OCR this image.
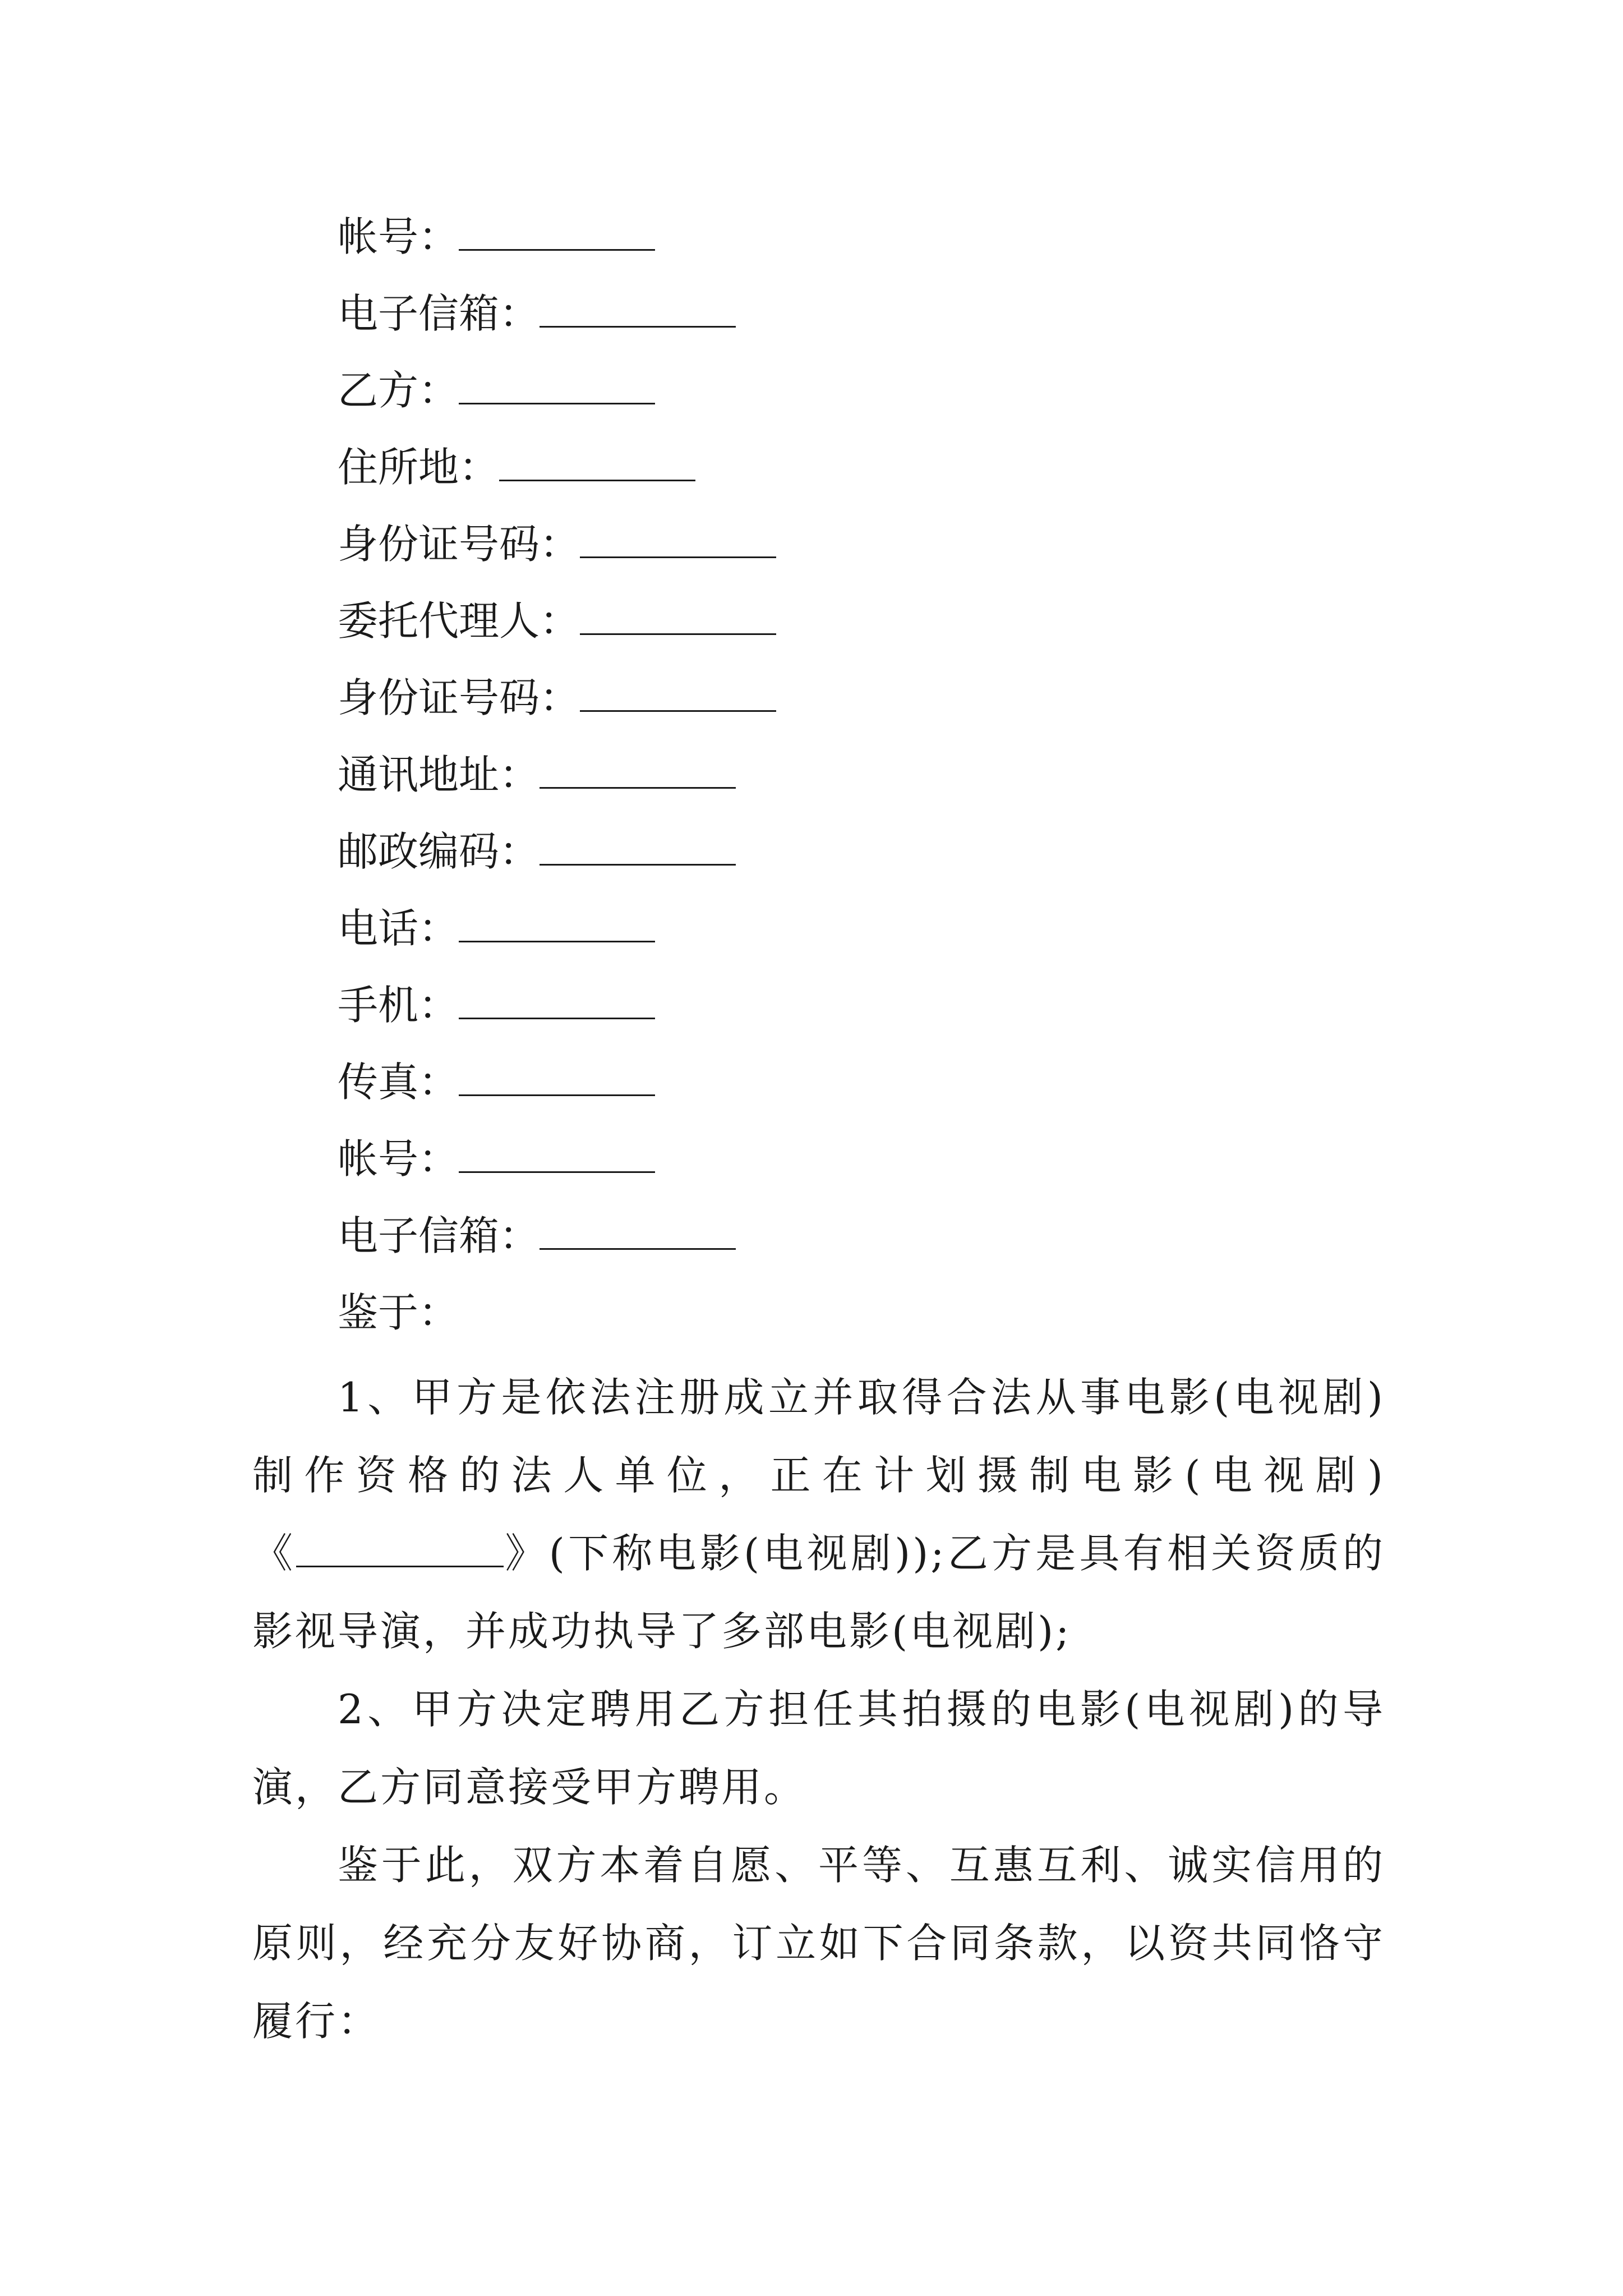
帐号：
电子信箱：
乙方：
住所地：
身份证号码：
委托代理人：
身份证号码：
通讯地址：
邮政编码：
电话：
手机：
传真：
帐号：
电子信箱：
鉴于：
1、甲方是依法注册成立并取得合法从事电影(电视剧)
制作资格的法人单位，正在计划摄制电影(电视剧)
《	》(下称电影(电视剧));乙方是具有相关资质的
影视导演，并成功执导了多部电影(电视剧);
2、甲方决定聘用乙方担任其拍摄的电影(电视剧)的导
演，乙方同意接受甲方聘用。
鉴于此，双方本着自愿、平等、互惠互利、诚实信用的
原则，经充分友好协商，订立如下合同条款，以资共同恪守
履行：
